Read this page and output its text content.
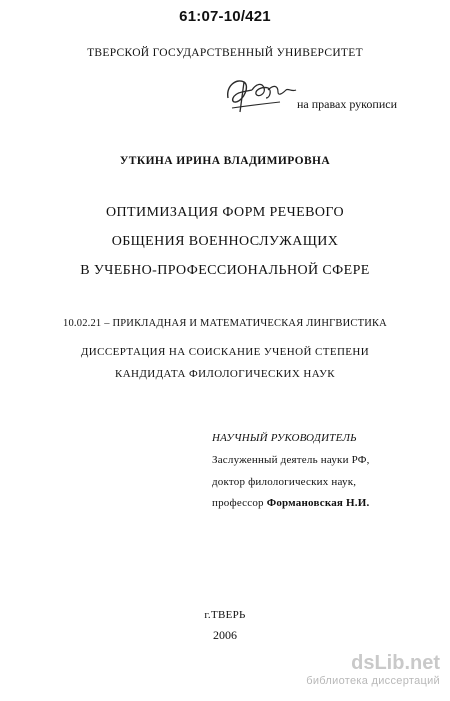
61:07-10/421
ТВЕРСКОЙ ГОСУДАРСТВЕННЫЙ УНИВЕРСИТЕТ
на правах рукописи
УТКИНА ИРИНА ВЛАДИМИРОВНА
ОПТИМИЗАЦИЯ ФОРМ РЕЧЕВОГО
ОБЩЕНИЯ ВОЕННОСЛУЖАЩИХ
В УЧЕБНО-ПРОФЕССИОНАЛЬНОЙ СФЕРЕ
10.02.21 – ПРИКЛАДНАЯ И МАТЕМАТИЧЕСКАЯ ЛИНГВИСТИКА
ДИССЕРТАЦИЯ НА СОИСКАНИЕ УЧЕНОЙ СТЕПЕНИ
КАНДИДАТА ФИЛОЛОГИЧЕСКИХ НАУК
НАУЧНЫЙ РУКОВОДИТЕЛЬ
Заслуженный деятель науки РФ,
доктор филологических наук,
профессор Формановская Н.И.
г.ТВЕРЬ
2006
dsLib.net
библиотека диссертаций
